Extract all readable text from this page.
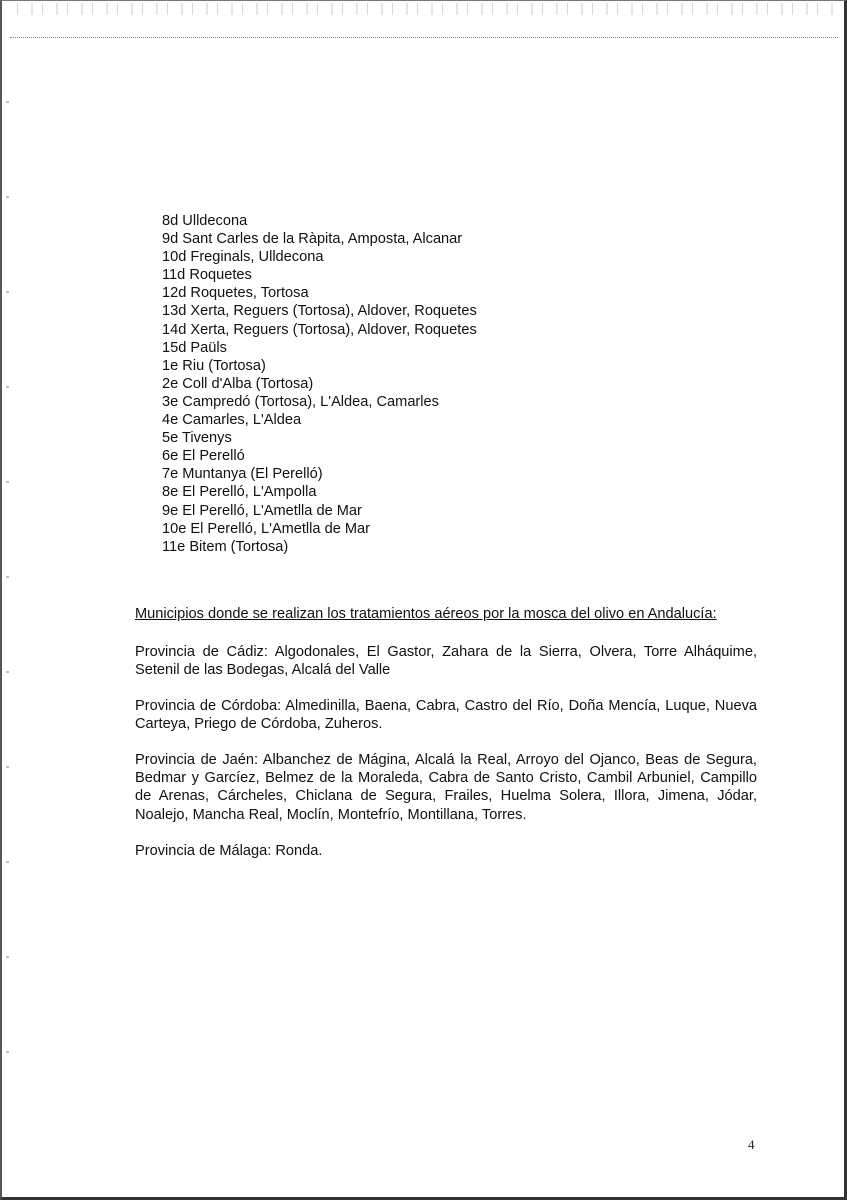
8d Ulldecona
9d Sant Carles de la Ràpita, Amposta, Alcanar
10d Freginals, Ulldecona
11d Roquetes
12d Roquetes, Tortosa
13d Xerta, Reguers (Tortosa), Aldover, Roquetes
14d Xerta, Reguers (Tortosa), Aldover, Roquetes
15d Paüls
1e Riu (Tortosa)
2e Coll d'Alba (Tortosa)
3e Campredó (Tortosa), L'Aldea, Camarles
4e Camarles, L'Aldea
5e Tivenys
6e El Perelló
7e Muntanya (El Perelló)
8e El Perelló, L'Ampolla
9e El Perelló, L'Ametlla de Mar
10e El Perelló, L'Ametlla de Mar
11e Bitem (Tortosa)
Municipios donde se realizan los tratamientos aéreos por la mosca del olivo en Andalucía:
Provincia de Cádiz: Algodonales, El Gastor, Zahara de la Sierra, Olvera, Torre Alháquime, Setenil de las Bodegas, Alcalá del Valle
Provincia de Córdoba: Almedinilla, Baena, Cabra, Castro del Río, Doña Mencía, Luque, Nueva Carteya, Priego de Córdoba, Zuheros.
Provincia de Jaén: Albanchez de Mágina, Alcalá la Real, Arroyo del Ojanco, Beas de Segura, Bedmar y Garcíez, Belmez de la Moraleda, Cabra de Santo Cristo, Cambil Arbuniel, Campillo de Arenas, Cárcheles, Chiclana de Segura, Frailes, Huelma Solera, Illora, Jimena, Jódar, Noalejo, Mancha Real, Moclín, Montefrío, Montillana, Torres.
Provincia de Málaga: Ronda.
4
